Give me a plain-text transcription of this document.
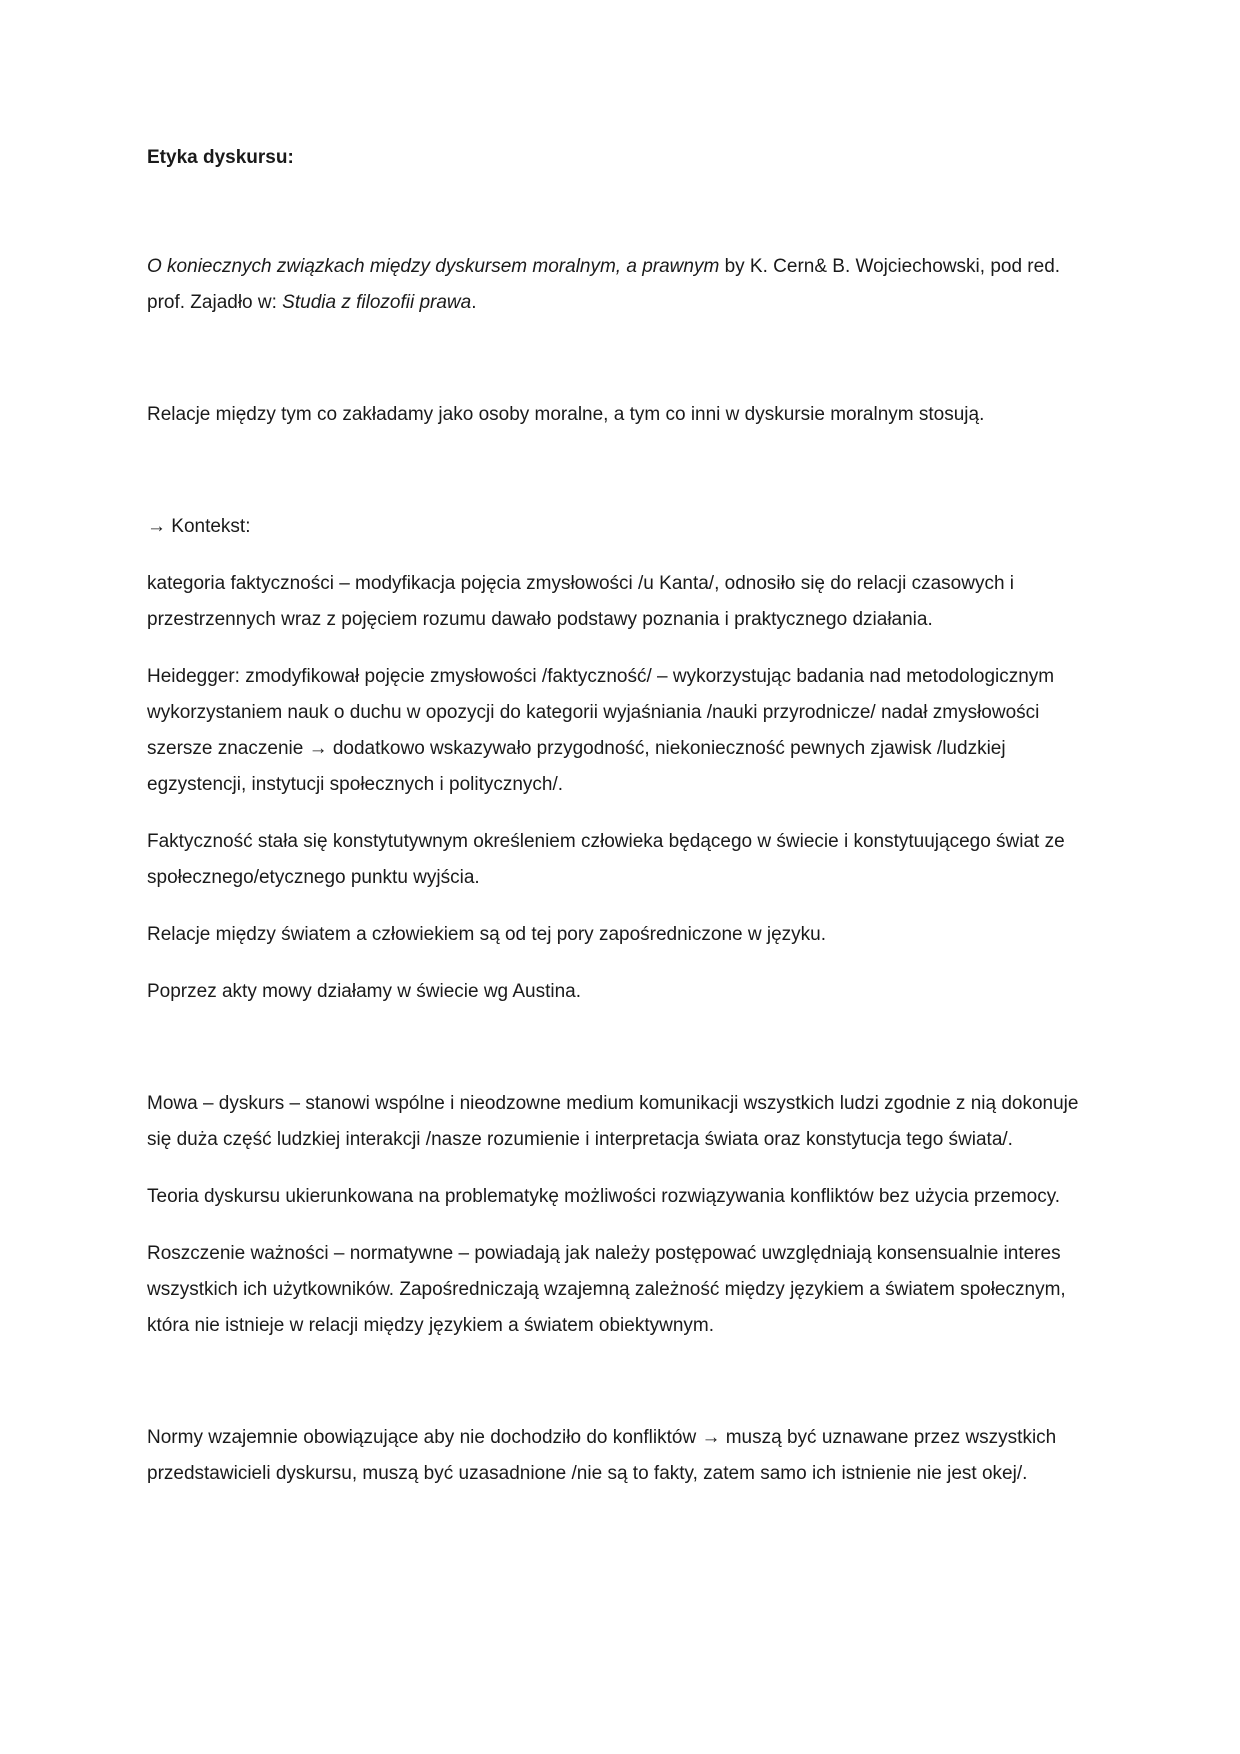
Etyka dyskursu:

O koniecznych związkach między dyskursem moralnym, a prawnym by K. Cern& B. Wojciechowski, pod red. prof. Zajadło w: Studia z filozofii prawa.

Relacje między tym co zakładamy jako osoby moralne, a tym co inni w dyskursie moralnym stosują.

→ Kontekst:

kategoria faktyczności – modyfikacja pojęcia zmysłowości /u Kanta/, odnosiło się do relacji czasowych i przestrzennych wraz z pojęciem rozumu dawało podstawy poznania i praktycznego działania.

Heidegger: zmodyfikował pojęcie zmysłowości /faktyczność/ – wykorzystując badania nad metodologicznym wykorzystaniem nauk o duchu w opozycji do kategorii wyjaśniania /nauki przyrodnicze/ nadał zmysłowości szersze znaczenie → dodatkowo wskazywało przygodność, niekonieczność pewnych zjawisk /ludzkiej egzystencji, instytucji społecznych i politycznych/.

Faktyczność stała się konstytutywnym określeniem człowieka będącego w świecie i konstytuującego świat ze społecznego/etycznego punktu wyjścia.

Relacje między światem a człowiekiem są od tej pory zapośredniczone w języku.

Poprzez akty mowy działamy w świecie wg Austina.

Mowa – dyskurs – stanowi wspólne i nieodzowne medium komunikacji wszystkich ludzi zgodnie z nią dokonuje się duża część ludzkiej interakcji /nasze rozumienie i interpretacja świata oraz konstytucja tego świata/.

Teoria dyskursu ukierunkowana na problematykę możliwości rozwiązywania konfliktów bez użycia przemocy.

Roszczenie ważności – normatywne – powiadają jak należy postępować uwzględniają konsensualnie interes wszystkich ich użytkowników. Zapośredniczają wzajemną zależność między językiem a światem społecznym, która nie istnieje w relacji między językiem a światem obiektywnym.

Normy wzajemnie obowiązujące aby nie dochodziło do konfliktów → muszą być uznawane przez wszystkich przedstawicieli dyskursu, muszą być uzasadnione /nie są to fakty, zatem samo ich istnienie nie jest okej/.
